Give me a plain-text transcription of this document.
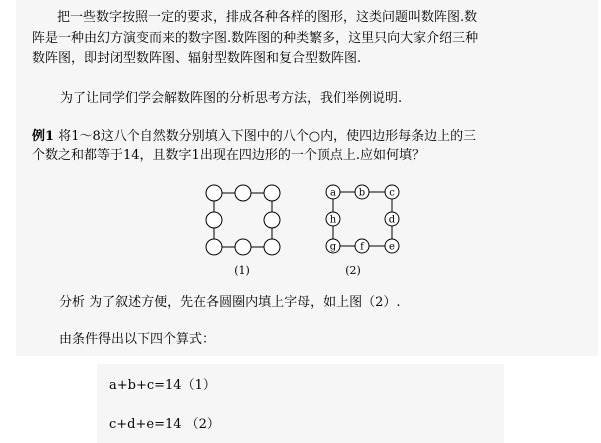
把一些数字按照一定的要求，排成各种各样的图形，这类问题叫数阵图.数
阵是一种由幻方演变而来的数字图.数阵图的种类繁多，这里只向大家介绍三种
数阵图，即封闭型数阵图、辐射型数阵图和复合型数阵图.
为了让同学们学会解数阵图的分析思考方法，我们举例说明.
例1 将1～8这八个自然数分别填入下图中的八个○内，使四边形每条边上的三
个数之和都等于14，且数字1出现在四边形的一个顶点上.应如何填？
(1)
a b c
d
e
f
g
h
(2)
分析 为了叙述方便，先在各圆圈内填上字母，如上图（2）.
由条件得出以下四个算式：
a+b+c=14（1）
c+d+e=14 （2）
